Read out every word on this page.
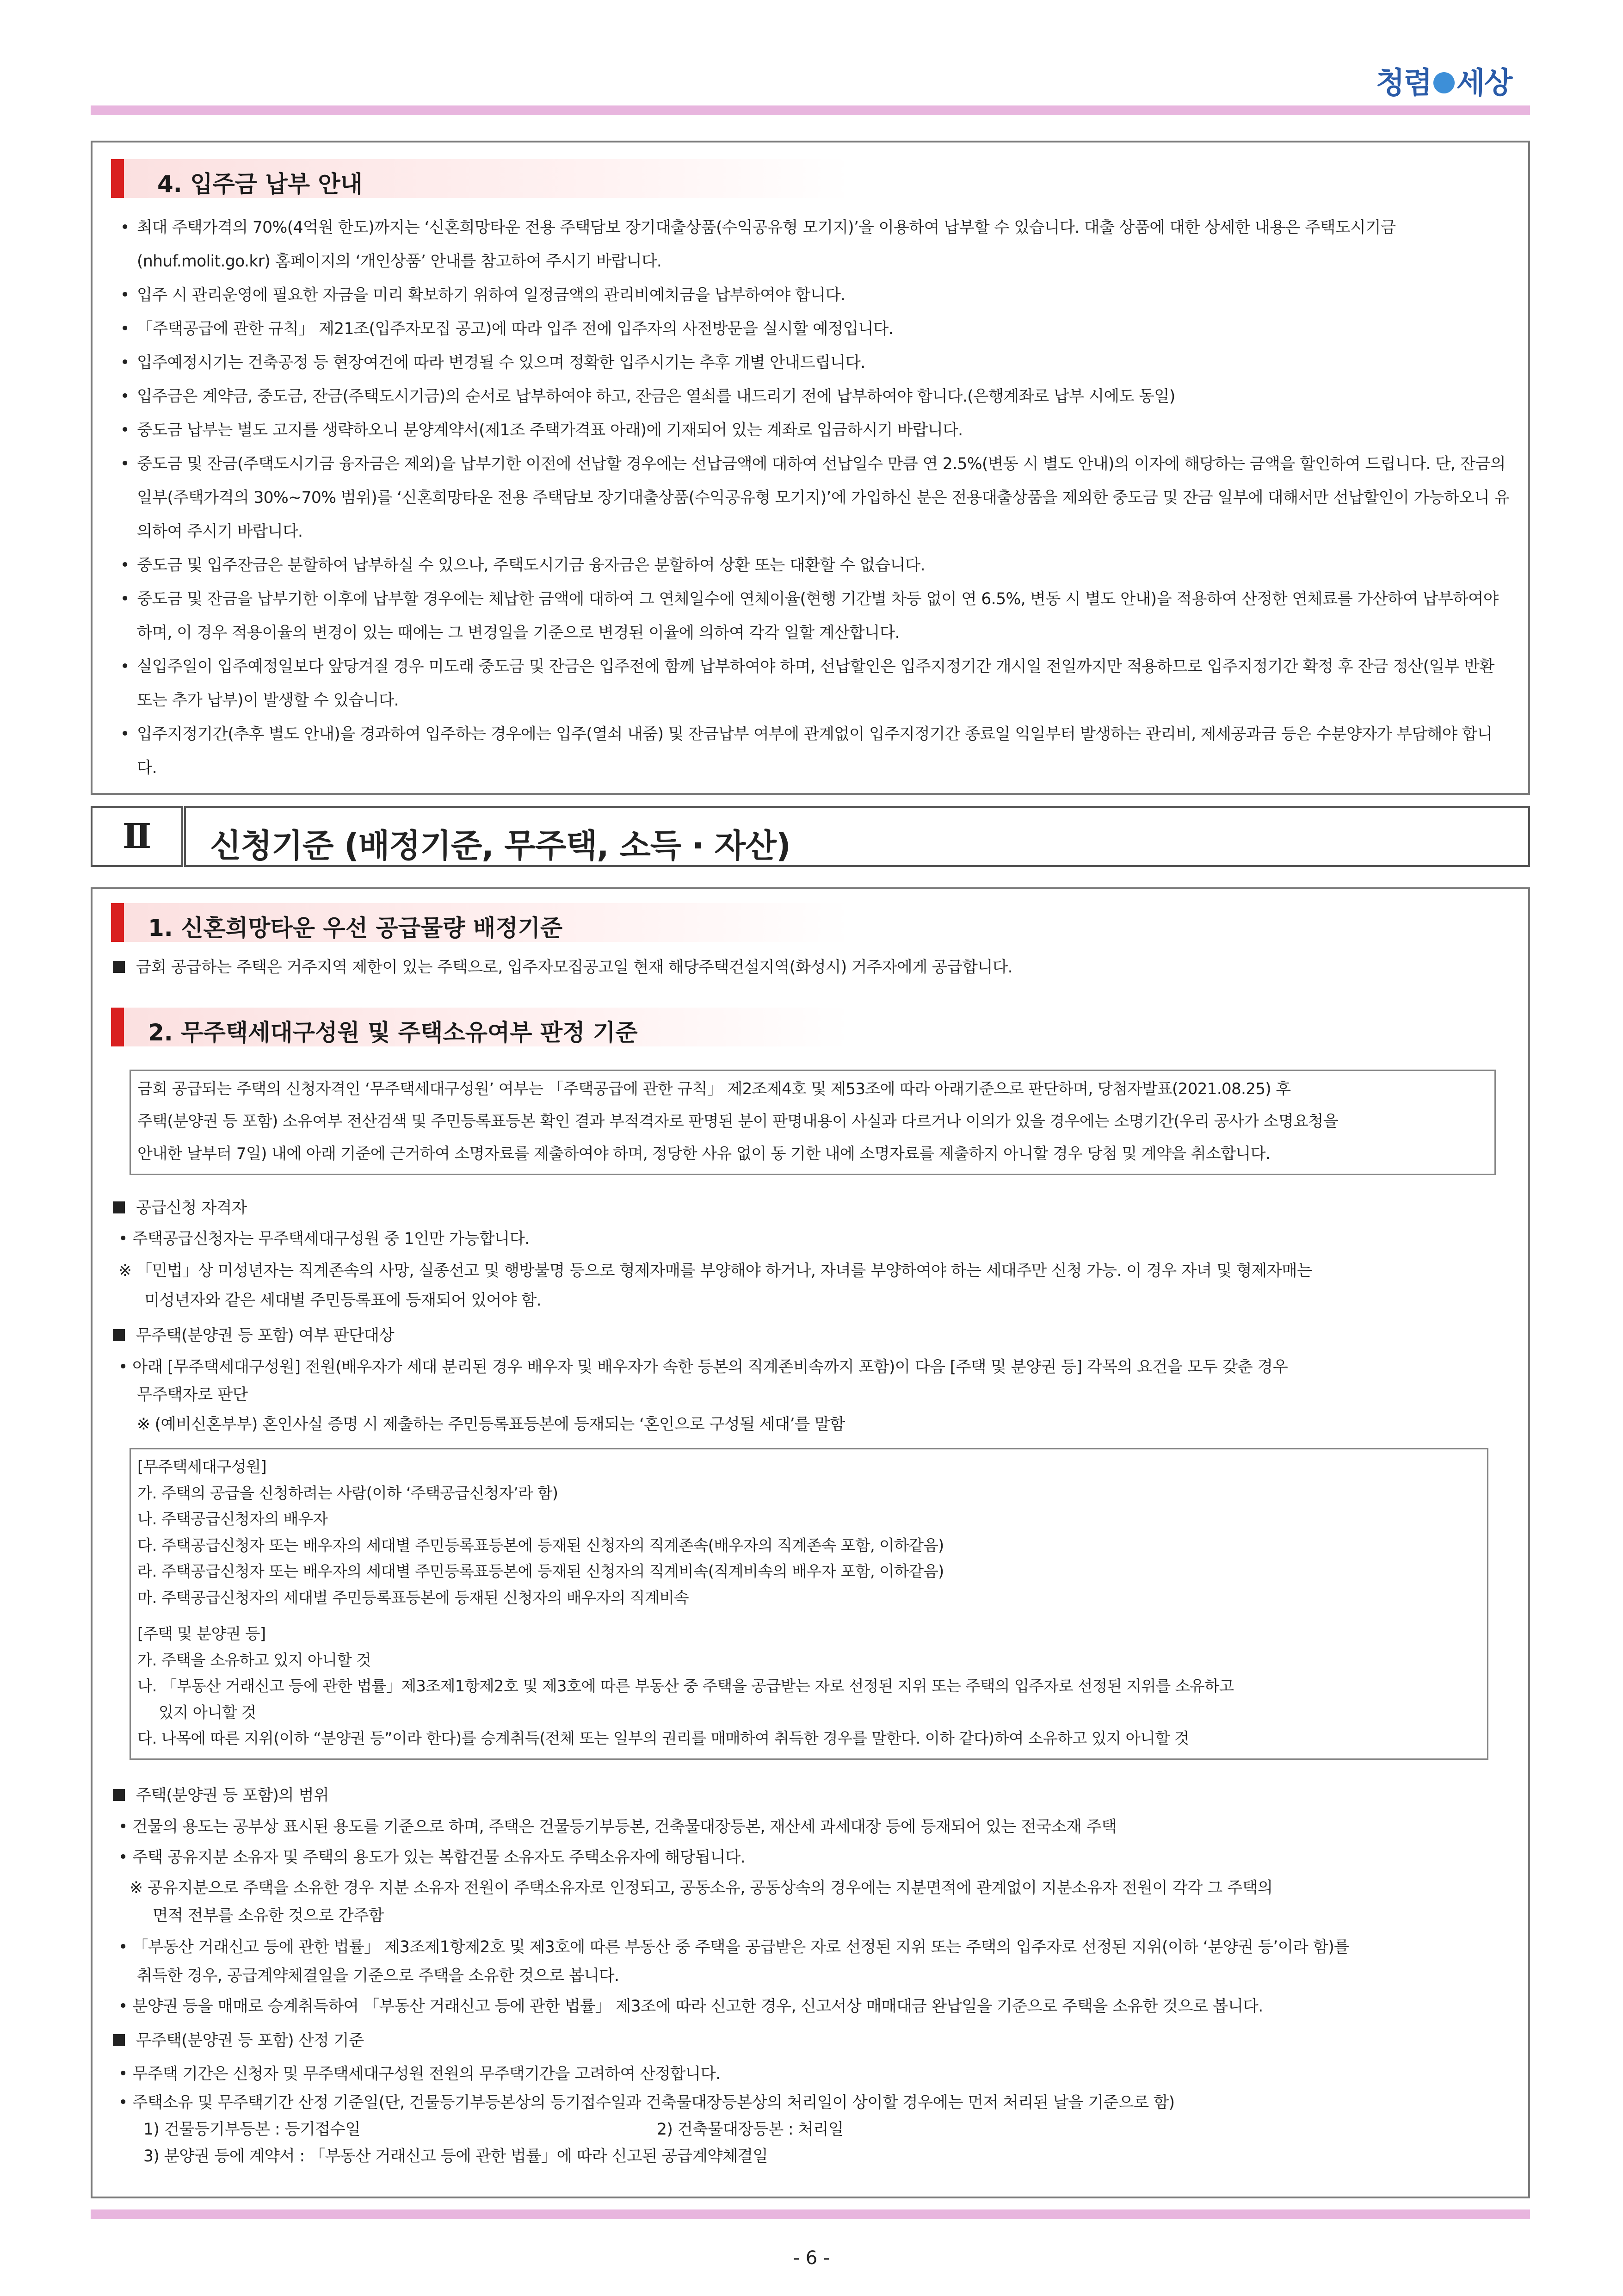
청렴 세상
4. 입주금 납부 안내
• 최대 주택가격의 70%(4억원 한도)까지는 ‘신혼희망타운 전용 주택담보 장기대출상품(수익공유형 모기지)’을 이용하여 납부할 수 있습니다. 대출 상품에 대한 상세한 내용은 주택도시기금(nhuf.molit.go.kr) 홈페이지의 ‘개인상품’ 안내를 참고하여 주시기 바랍니다.
• 입주 시 관리운영에 필요한 자금을 미리 확보하기 위하여 일정금액의 관리비예치금을 납부하여야 합니다.
• 「주택공급에 관한 규칙」 제21조(입주자모집 공고)에 따라 입주 전에 입주자의 사전방문을 실시할 예정입니다.
• 입주예정시기는 건축공정 등 현장여건에 따라 변경될 수 있으며 정확한 입주시기는 추후 개별 안내드립니다.
• 입주금은 계약금, 중도금, 잔금(주택도시기금)의 순서로 납부하여야 하고, 잔금은 열쇠를 내드리기 전에 납부하여야 합니다.(은행계좌로 납부 시에도 동일)
• 중도금 납부는 별도 고지를 생략하오니 분양계약서(제1조 주택가격표 아래)에 기재되어 있는 계좌로 입금하시기 바랍니다.
• 중도금 및 잔금(주택도시기금 융자금은 제외)을 납부기한 이전에 선납할 경우에는 선납금액에 대하여 선납일수 만큼 연 2.5%(변동 시 별도 안내)의 이자에 해당하는 금액을 할인하여 드립니다. 단, 잔금의 일부(주택가격의 30%~70% 범위)를 ‘신혼희망타운 전용 주택담보 장기대출상품(수익공유형 모기지)’에 가입하신 분은 전용대출상품을 제외한 중도금 및 잔금 일부에 대해서만 선납할인이 가능하오니 유의하여 주시기 바랍니다.
• 중도금 및 입주잔금은 분할하여 납부하실 수 있으나, 주택도시기금 융자금은 분할하여 상환 또는 대환할 수 없습니다.
• 중도금 및 잔금을 납부기한 이후에 납부할 경우에는 체납한 금액에 대하여 그 연체일수에 연체이율(현행 기간별 차등 없이 연 6.5%, 변동 시 별도 안내)을 적용하여 산정한 연체료를 가산하여 납부하여야 하며, 이 경우 적용이율의 변경이 있는 때에는 그 변경일을 기준으로 변경된 이율에 의하여 각각 일할 계산합니다.
• 실입주일이 입주예정일보다 앞당겨질 경우 미도래 중도금 및 잔금은 입주전에 함께 납부하여야 하며, 선납할인은 입주지정기간 개시일 전일까지만 적용하므로 입주지정기간 확정 후 잔금 정산(일부 반환 또는 추가 납부)이 발생할 수 있습니다.
• 입주지정기간(추후 별도 안내)을 경과하여 입주하는 경우에는 입주(열쇠 내줌) 및 잔금납부 여부에 관계없이 입주지정기간 종료일 익일부터 발생하는 관리비, 제세공과금 등은 수분양자가 부담해야 합니다.
Ⅱ	신청기준 (배정기준, 무주택, 소득 · 자산)
1. 신혼희망타운 우선 공급물량 배정기준
금회 공급하는 주택은 거주지역 제한이 있는 주택으로, 입주자모집공고일 현재 해당주택건설지역(화성시) 거주자에게 공급합니다.
2. 무주택세대구성원 및 주택소유여부 판정 기준
금회 공급되는 주택의 신청자격인 ‘무주택세대구성원’ 여부는 「주택공급에 관한 규칙」 제2조제4호 및 제53조에 따라 아래기준으로 판단하며, 당첨자발표(2021.08.25) 후
주택(분양권 등 포함) 소유여부 전산검색 및 주민등록표등본 확인 결과 부적격자로 판명된 분이 판명내용이 사실과 다르거나 이의가 있을 경우에는 소명기간(우리 공사가 소명요청을
안내한 날부터 7일) 내에 아래 기준에 근거하여 소명자료를 제출하여야 하며, 정당한 사유 없이 동 기한 내에 소명자료를 제출하지 아니할 경우 당첨 및 계약을 취소합니다.
공급신청 자격자
• 주택공급신청자는 무주택세대구성원 중 1인만 가능합니다.
※ 「민법」상 미성년자는 직계존속의 사망, 실종선고 및 행방불명 등으로 형제자매를 부양해야 하거나, 자녀를 부양하여야 하는 세대주만 신청 가능. 이 경우 자녀 및 형제자매는
미성년자와 같은 세대별 주민등록표에 등재되어 있어야 함.
무주택(분양권 등 포함) 여부 판단대상
• 아래 [무주택세대구성원] 전원(배우자가 세대 분리된 경우 배우자 및 배우자가 속한 등본의 직계존비속까지 포함)이 다음 [주택 및 분양권 등] 각목의 요건을 모두 갖춘 경우
무주택자로 판단
※ (예비신혼부부) 혼인사실 증명 시 제출하는 주민등록표등본에 등재되는 ‘혼인으로 구성될 세대’를 말함
[무주택세대구성원]
가. 주택의 공급을 신청하려는 사람(이하 ‘주택공급신청자’라 함)
나. 주택공급신청자의 배우자
다. 주택공급신청자 또는 배우자의 세대별 주민등록표등본에 등재된 신청자의 직계존속(배우자의 직계존속 포함, 이하같음)
라. 주택공급신청자 또는 배우자의 세대별 주민등록표등본에 등재된 신청자의 직계비속(직계비속의 배우자 포함, 이하같음)
마. 주택공급신청자의 세대별 주민등록표등본에 등재된 신청자의 배우자의 직계비속
[주택 및 분양권 등]
가. 주택을 소유하고 있지 아니할 것
나. 「부동산 거래신고 등에 관한 법률」제3조제1항제2호 및 제3호에 따른 부동산 중 주택을 공급받는 자로 선정된 지위 또는 주택의 입주자로 선정된 지위를 소유하고
있지 아니할 것
다. 나목에 따른 지위(이하 “분양권 등”이라 한다)를 승계취득(전체 또는 일부의 권리를 매매하여 취득한 경우를 말한다. 이하 같다)하여 소유하고 있지 아니할 것
주택(분양권 등 포함)의 범위
• 건물의 용도는 공부상 표시된 용도를 기준으로 하며, 주택은 건물등기부등본, 건축물대장등본, 재산세 과세대장 등에 등재되어 있는 전국소재 주택
• 주택 공유지분 소유자 및 주택의 용도가 있는 복합건물 소유자도 주택소유자에 해당됩니다.
※ 공유지분으로 주택을 소유한 경우 지분 소유자 전원이 주택소유자로 인정되고, 공동소유, 공동상속의 경우에는 지분면적에 관계없이 지분소유자 전원이 각각 그 주택의
면적 전부를 소유한 것으로 간주함
• 「부동산 거래신고 등에 관한 법률」 제3조제1항제2호 및 제3호에 따른 부동산 중 주택을 공급받은 자로 선정된 지위 또는 주택의 입주자로 선정된 지위(이하 ‘분양권 등’이라 함)를
취득한 경우, 공급계약체결일을 기준으로 주택을 소유한 것으로 봅니다.
• 분양권 등을 매매로 승계취득하여 「부동산 거래신고 등에 관한 법률」 제3조에 따라 신고한 경우, 신고서상 매매대금 완납일을 기준으로 주택을 소유한 것으로 봅니다.
무주택(분양권 등 포함) 산정 기준
• 무주택 기간은 신청자 및 무주택세대구성원 전원의 무주택기간을 고려하여 산정합니다.
• 주택소유 및 무주택기간 산정 기준일(단, 건물등기부등본상의 등기접수일과 건축물대장등본상의 처리일이 상이할 경우에는 먼저 처리된 날을 기준으로 함)
1) 건물등기부등본 : 등기접수일	2) 건축물대장등본 : 처리일
3) 분양권 등에 계약서 : 「부동산 거래신고 등에 관한 법률」에 따라 신고된 공급계약체결일
- 6 -
